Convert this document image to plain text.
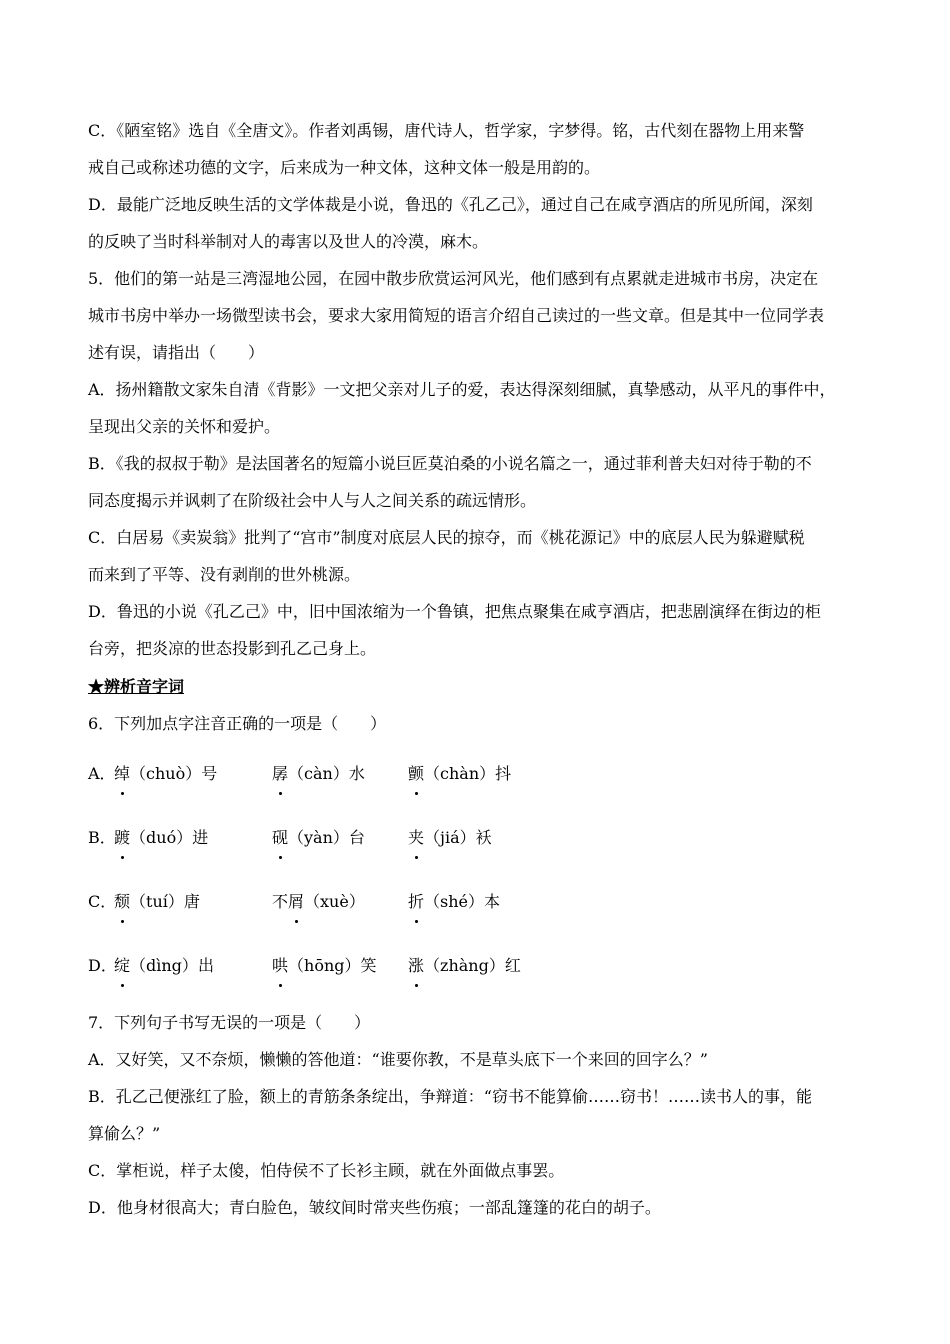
C．《陋室铭》选自《全唐文》。作者刘禹锡，唐代诗人，哲学家，字梦得。铭，古代刻在器物上用来警
戒自己或称述功德的文字，后来成为一种文体，这种文体一般是用韵的。
D．最能广泛地反映生活的文学体裁是小说，鲁迅的《孔乙己》，通过自己在咸亨酒店的所见所闻，深刻
的反映了当时科举制对人的毒害以及世人的冷漠，麻木。
5．他们的第一站是三湾湿地公园，在园中散步欣赏运河风光，他们感到有点累就走进城市书房，决定在
城市书房中举办一场微型读书会，要求大家用简短的语言介绍自己读过的一些文章。但是其中一位同学表
述有误，请指出（　　）
A．扬州籍散文家朱自清《背影》一文把父亲对儿子的爱，表达得深刻细腻，真挚感动，从平凡的事件中，
呈现出父亲的关怀和爱护。
B．《我的叔叔于勒》是法国著名的短篇小说巨匠莫泊桑的小说名篇之一，通过菲利普夫妇对待于勒的不
同态度揭示并讽刺了在阶级社会中人与人之间关系的疏远情形。
C．白居易《卖炭翁》批判了“宫市”制度对底层人民的掠夺，而《桃花源记》中的底层人民为躲避赋税
而来到了平等、没有剥削的世外桃源。
D．鲁迅的小说《孔乙己》中，旧中国浓缩为一个鲁镇，把焦点聚集在咸亨酒店，把悲剧演绎在街边的柜
台旁，把炎凉的世态投影到孔乙己身上。
★辨析音字词
6．下列加点字注音正确的一项是（　　）
A．
绰 （chuò） 号	孱 （càn） 水	颤 （chàn） 抖
B．
踱 （duó） 进	砚 （yàn） 台	夹 （jiá） 袄
C．
颓 （tuí） 唐	不 屑 （xuè）	折 （shé） 本
D．
绽 （dìng） 出	哄 （hōng） 笑 涨 （zhàng） 红
7．下列句子书写无误的一项是（　　）
A．又好笑，又不奈烦，懒懒的答他道：“谁要你教，不是草头底下一个来回的回字么？”
B．孔乙己便涨红了脸，额上的青筋条条绽出，争辩道：“窃书不能算偷……窃书！……读书人的事，能
算偷么？”
C．掌柜说，样子太傻，怕侍侯不了长衫主顾，就在外面做点事罢。
D．他身材很高大；青白脸色，皱纹间时常夹些伤痕；一部乱篷篷的花白的胡子。
